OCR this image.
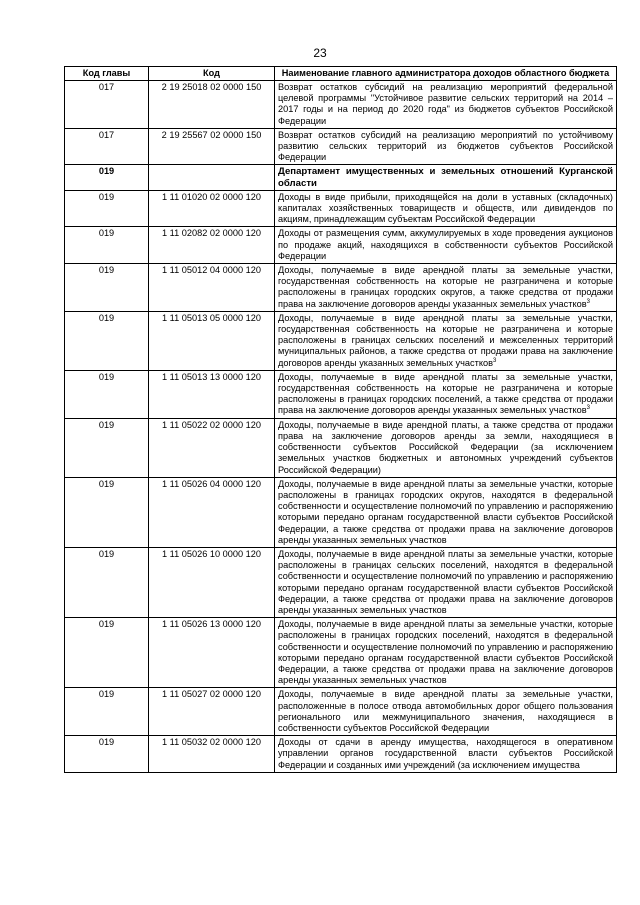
23
Код главы	Код	Наименование главного администратора доходов областного бюджета
017	2 19 25018 02 0000 150	Возврат остатков субсидий на реализацию мероприятий федеральной целевой программы "Устойчивое развитие сельских территорий на 2014 – 2017 годы и на период до 2020 года" из бюджетов субъектов Российской Федерации
017	2 19 25567 02 0000 150	Возврат остатков субсидий на реализацию мероприятий по устойчивому развитию сельских территорий из бюджетов субъектов Российской Федерации
019		Департамент имущественных и земельных отношений Курганской области
019	1 11 01020 02 0000 120	Доходы в виде прибыли, приходящейся на доли в уставных (складочных) капиталах хозяйственных товариществ и обществ, или дивидендов по акциям, принадлежащим субъектам Российской Федерации
019	1 11 02082 02 0000 120	Доходы от размещения сумм, аккумулируемых в ходе проведения аукционов по продаже акций, находящихся в собственности субъектов Российской Федерации
019	1 11 05012 04 0000 120	Доходы, получаемые в виде арендной платы за земельные участки, государственная собственность на которые не разграничена и которые расположены в границах городских округов, а также средства от продажи права на заключение договоров аренды указанных земельных участков$^3$
019	1 11 05013 05 0000 120	Доходы, получаемые в виде арендной платы за земельные участки, государственная собственность на которые не разграничена и которые расположены в границах сельских поселений и межселенных территорий муниципальных районов, а также средства от продажи права на заключение договоров аренды указанных земельных участков$^3$
019	1 11 05013 13 0000 120	Доходы, получаемые в виде арендной платы за земельные участки, государственная собственность на которые не разграничена и которые расположены в границах городских поселений, а также средства от продажи права на заключение договоров аренды указанных земельных участков$^3$
019	1 11 05022 02 0000 120	Доходы, получаемые в виде арендной платы, а также средства от продажи права на заключение договоров аренды за земли, находящиеся в собственности субъектов Российской Федерации (за исключением земельных участков бюджетных и автономных учреждений субъектов Российской Федерации)
019	1 11 05026 04 0000 120	Доходы, получаемые в виде арендной платы за земельные участки, которые расположены в границах городских округов, находятся в федеральной собственности и осуществление полномочий по управлению и распоряжению которыми передано органам государственной власти субъектов Российской Федерации, а также средства от продажи права на заключение договоров аренды указанных земельных участков
019	1 11 05026 10 0000 120	Доходы, получаемые в виде арендной платы за земельные участки, которые расположены в границах сельских поселений, находятся в федеральной собственности и осуществление полномочий по управлению и распоряжению которыми передано органам государственной власти субъектов Российской Федерации, а также средства от продажи права на заключение договоров аренды указанных земельных участков
019	1 11 05026 13 0000 120	Доходы, получаемые в виде арендной платы за земельные участки, которые расположены в границах городских поселений, находятся в федеральной собственности и осуществление полномочий по управлению и распоряжению которыми передано органам государственной власти субъектов Российской Федерации, а также средства от продажи права на заключение договоров аренды указанных земельных участков
019	1 11 05027 02 0000 120	Доходы, получаемые в виде арендной платы за земельные участки, расположенные в полосе отвода автомобильных дорог общего пользования регионального или межмуниципального значения, находящиеся в собственности субъектов Российской Федерации
019	1 11 05032 02 0000 120	Доходы от сдачи в аренду имущества, находящегося в оперативном управлении органов государственной власти субъектов Российской Федерации и созданных ими учреждений (за исключением имущества
